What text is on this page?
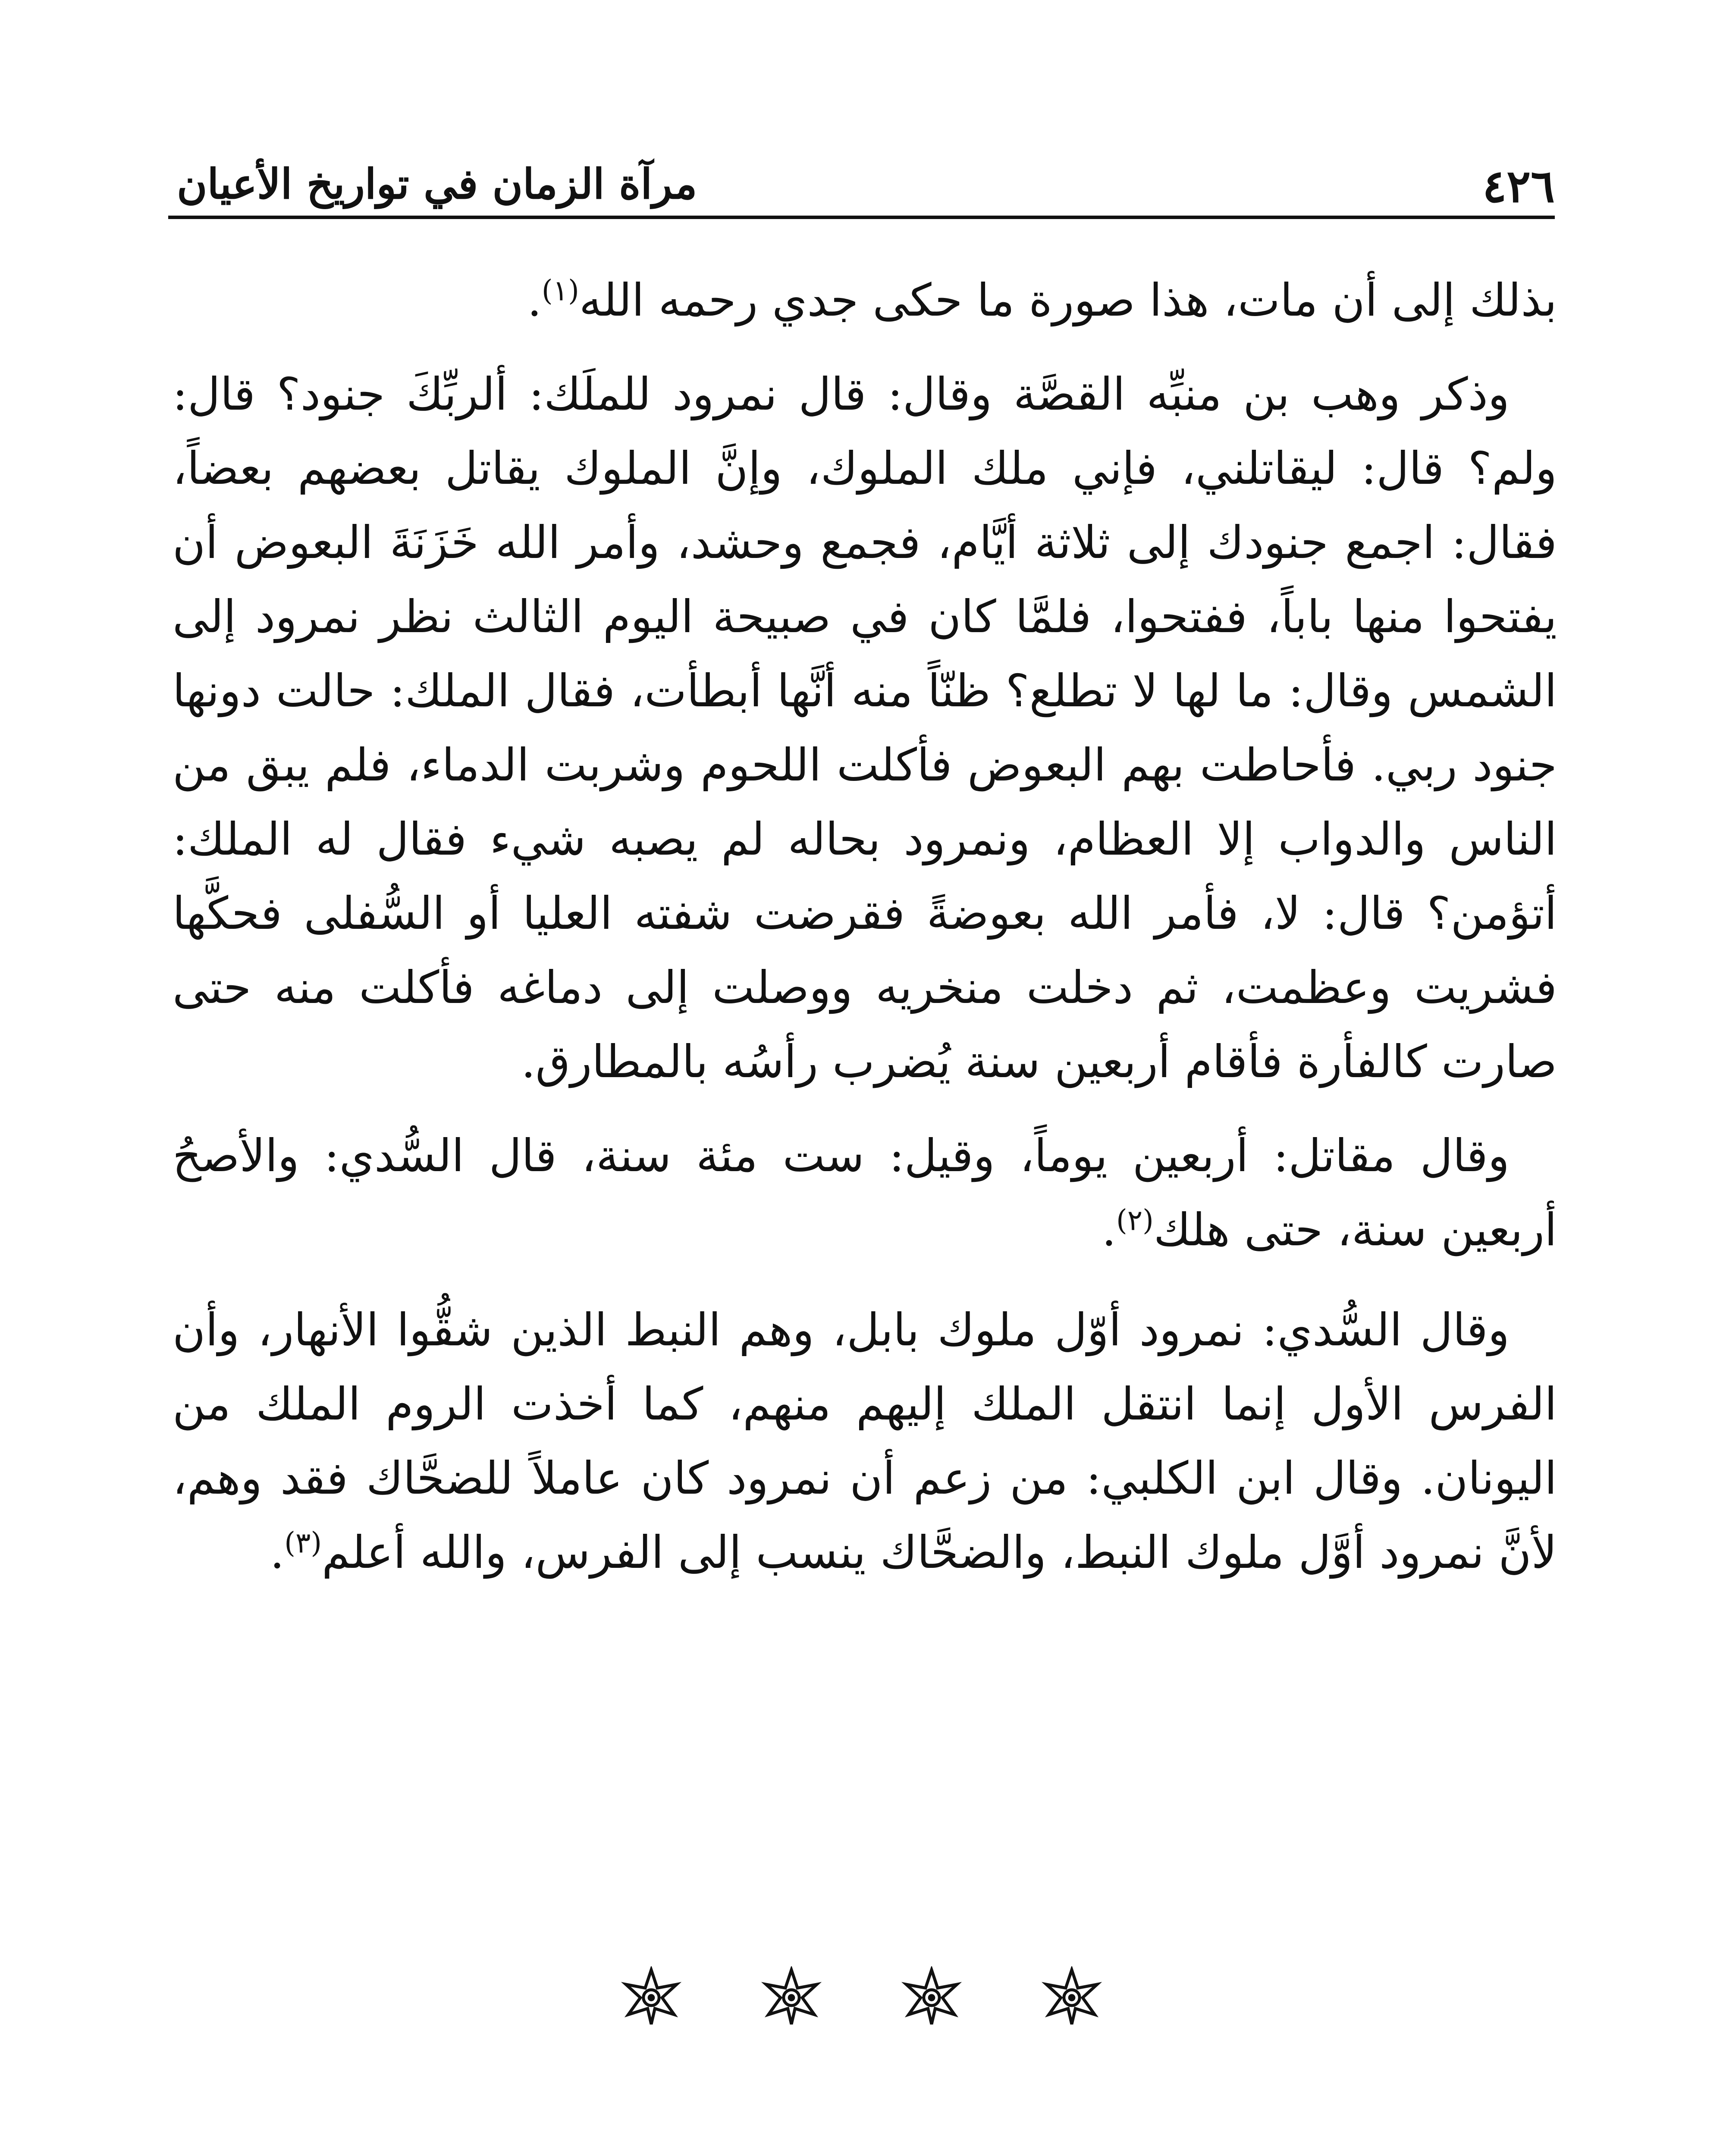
٤٢٦
مرآة الزمان في تواريخ الأعيان

بذلك إلى أن مات، هذا صورة ما حكى جدي رحمه الله$^{(١)}$.

وذكر وهب بن منبِّه القصَّة وقال: قال نمرود للملَك: ألربِّكَ جنود؟ قال: ولم؟ قال: ليقاتلني، فإني ملك الملوك، وإنَّ الملوك يقاتل بعضهم بعضاً، فقال: اجمع جنودك إلى ثلاثة أيَّام، فجمع وحشد، وأمر الله خَزَنَةَ البعوض أن يفتحوا منها باباً، ففتحوا، فلمَّا كان في صبيحة اليوم الثالث نظر نمرود إلى الشمس وقال: ما لها لا تطلع؟ ظنّاً منه أنَّها أبطأت، فقال الملك: حالت دونها جنود ربي. فأحاطت بهم البعوض فأكلت اللحوم وشربت الدماء، فلم يبق من الناس والدواب إلا العظام، ونمرود بحاله لم يصبه شيء فقال له الملك: أتؤمن؟ قال: لا، فأمر الله بعوضةً فقرضت شفته العليا أو السُّفلى فحكَّها فشريت وعظمت، ثم دخلت منخريه ووصلت إلى دماغه فأكلت منه حتى صارت كالفأرة فأقام أربعين سنة يُضرب رأسُه بالمطارق.

وقال مقاتل: أربعين يوماً، وقيل: ست مئة سنة، قال السُّدي: والأصحُ أربعين سنة، حتى هلك$^{(٢)}$.

وقال السُّدي: نمرود أوّل ملوك بابل، وهم النبط الذين شقُّوا الأنهار، وأن الفرس الأول إنما انتقل الملك إليهم منهم، كما أخذت الروم الملك من اليونان. وقال ابن الكلبي: من زعم أن نمرود كان عاملاً للضحَّاك فقد وهم، لأنَّ نمرود أوَّل ملوك النبط، والضحَّاك ينسب إلى الفرس، والله أعلم$^{(٣)}$.
